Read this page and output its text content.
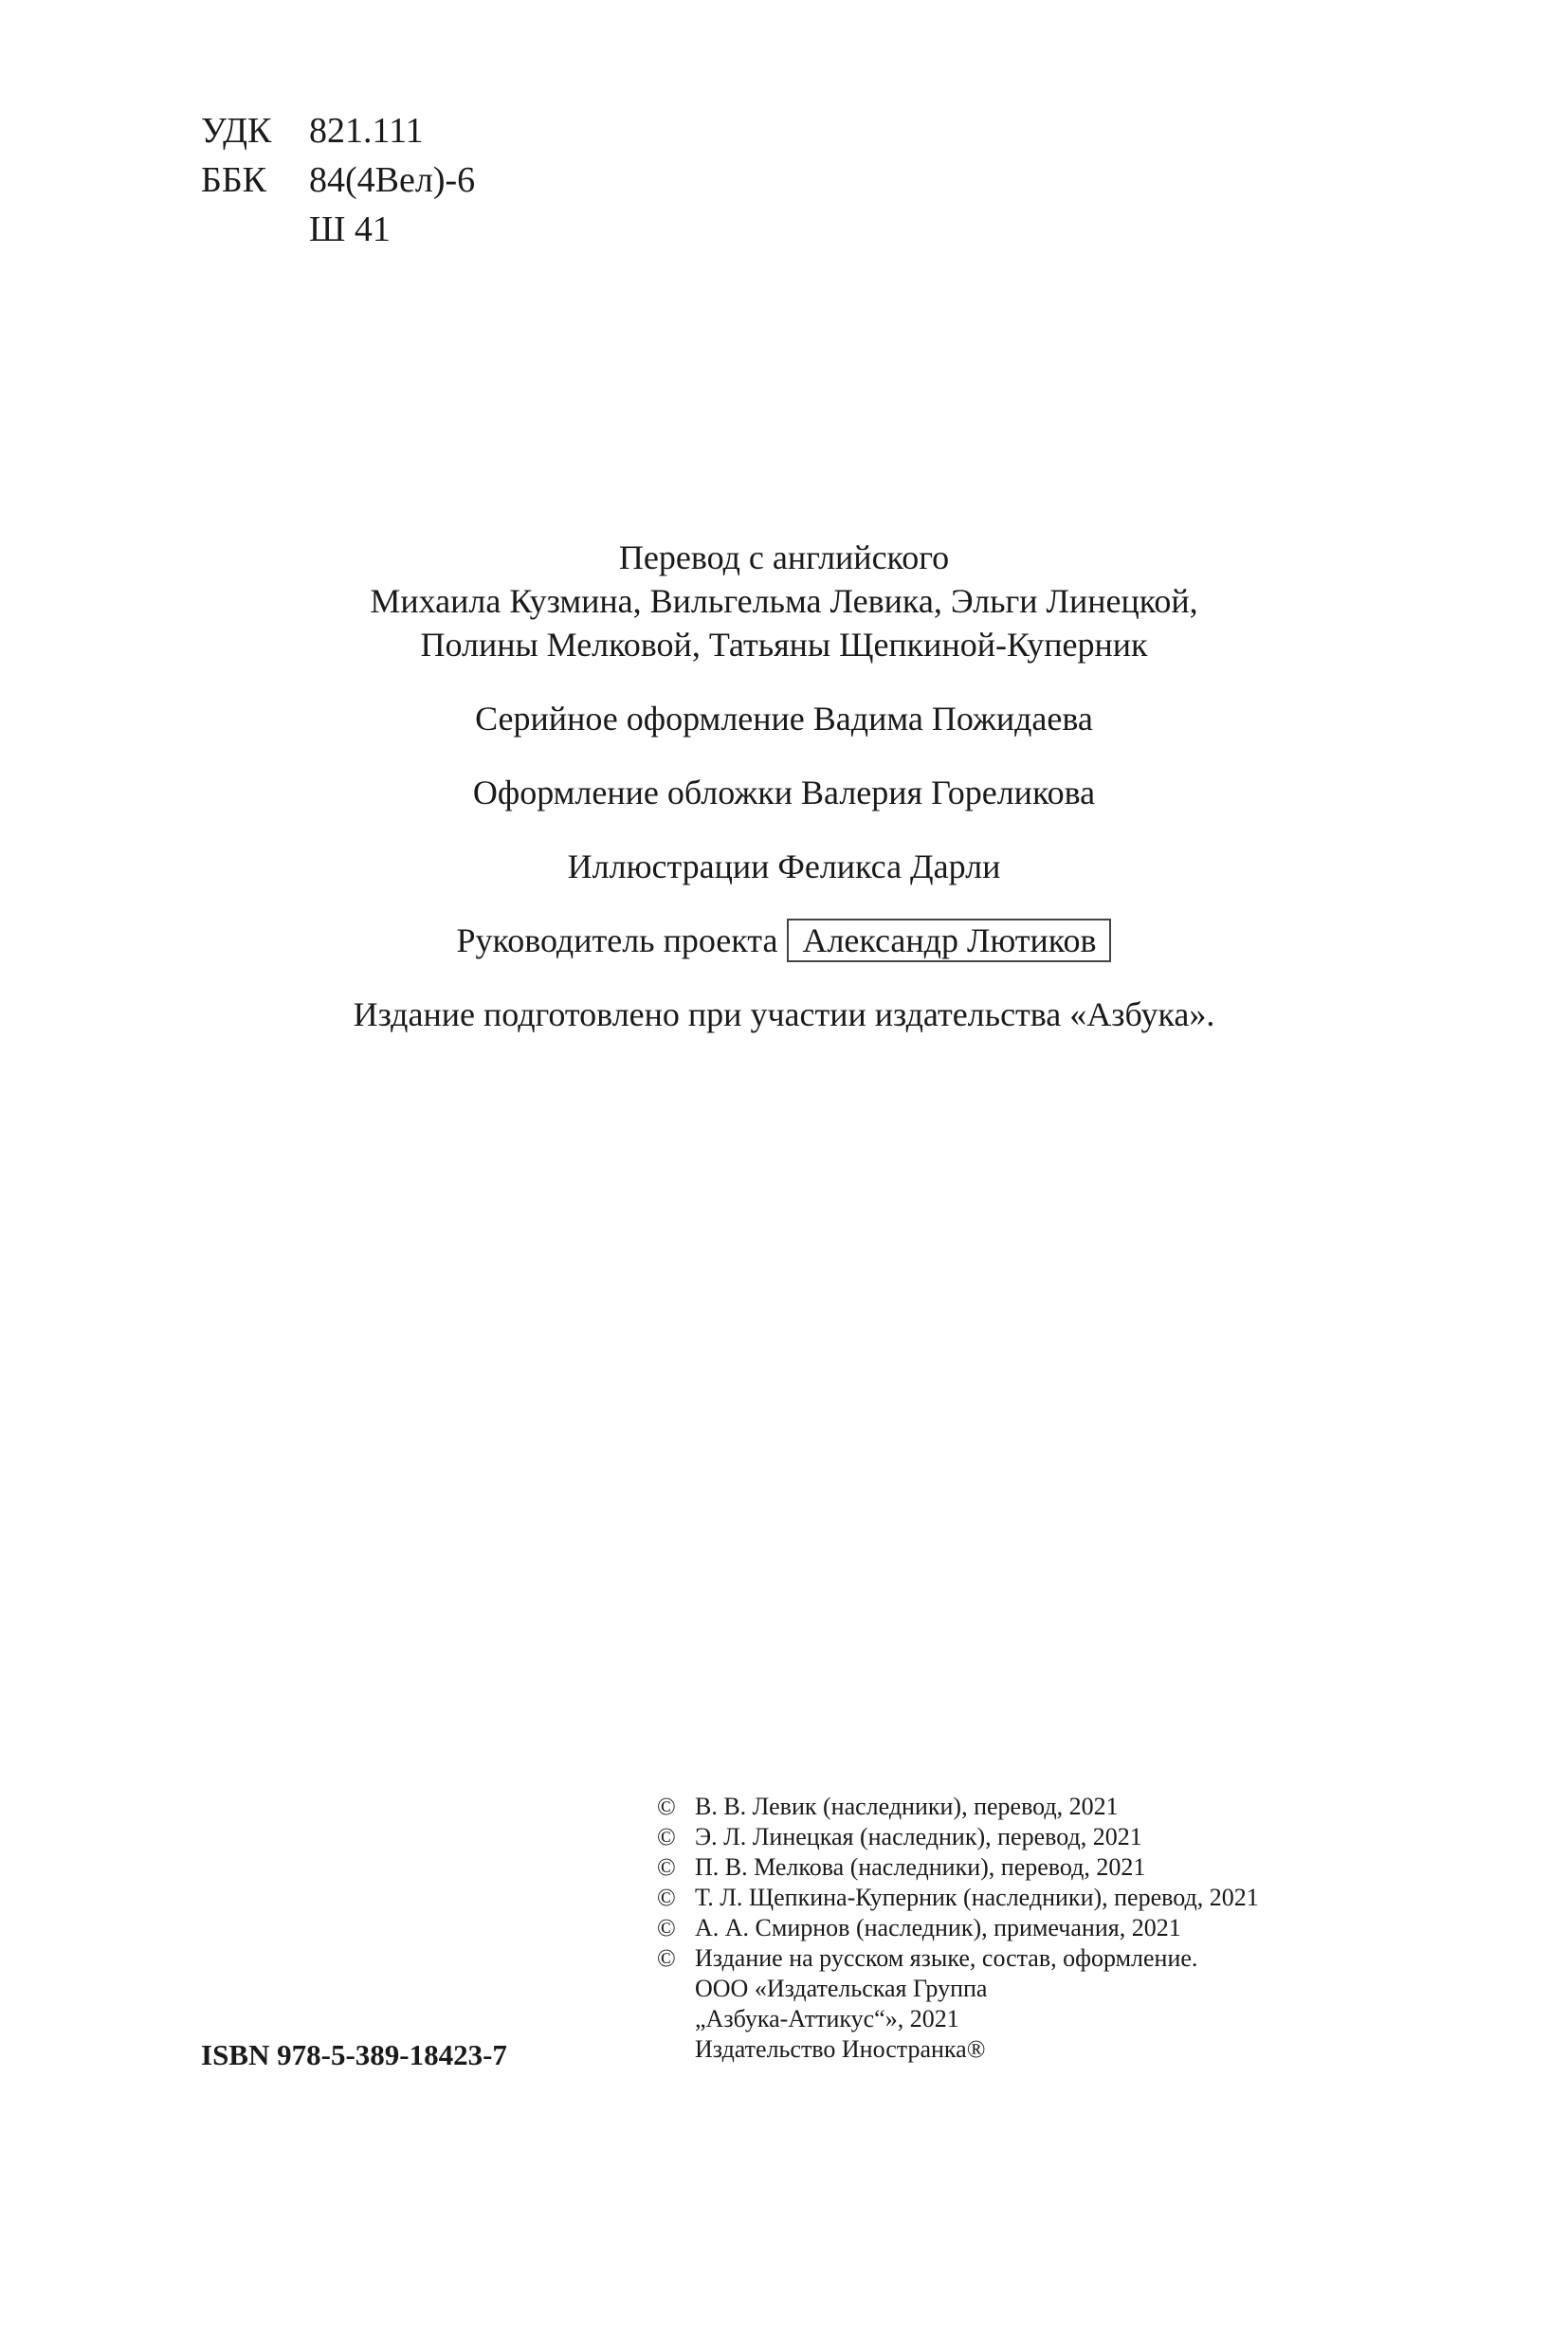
УДК	821.111
ББК	84(4Вел)-6
Ш 41

Перевод с английского

Михаила Кузмина, Вильгельма Левика, Эльги Линецкой,

Полины Мелковой, Татьяны Щепкиной-Куперник

Серийное оформление Вадима Пожидаева

Оформление обложки Валерия Гореликова

Иллюстрации Феликса Дарли

Руководитель проекта Александр Лютиков

Издание подготовлено при участии издательства «Азбука».

ISBN 978-5-389-18423-7
© В. В. Левик (наследники), перевод, 2021
© Э. Л. Линецкая (наследник), перевод, 2021
© П. В. Мелкова (наследники), перевод, 2021
© Т. Л. Щепкина-Куперник (наследники), перевод, 2021
© А. А. Смирнов (наследник), примечания, 2021
© Издание на русском языке, состав, оформление.
ООО «Издательская Группа
„Азбука-Аттикус“», 2021
Издательство Иностранка®
